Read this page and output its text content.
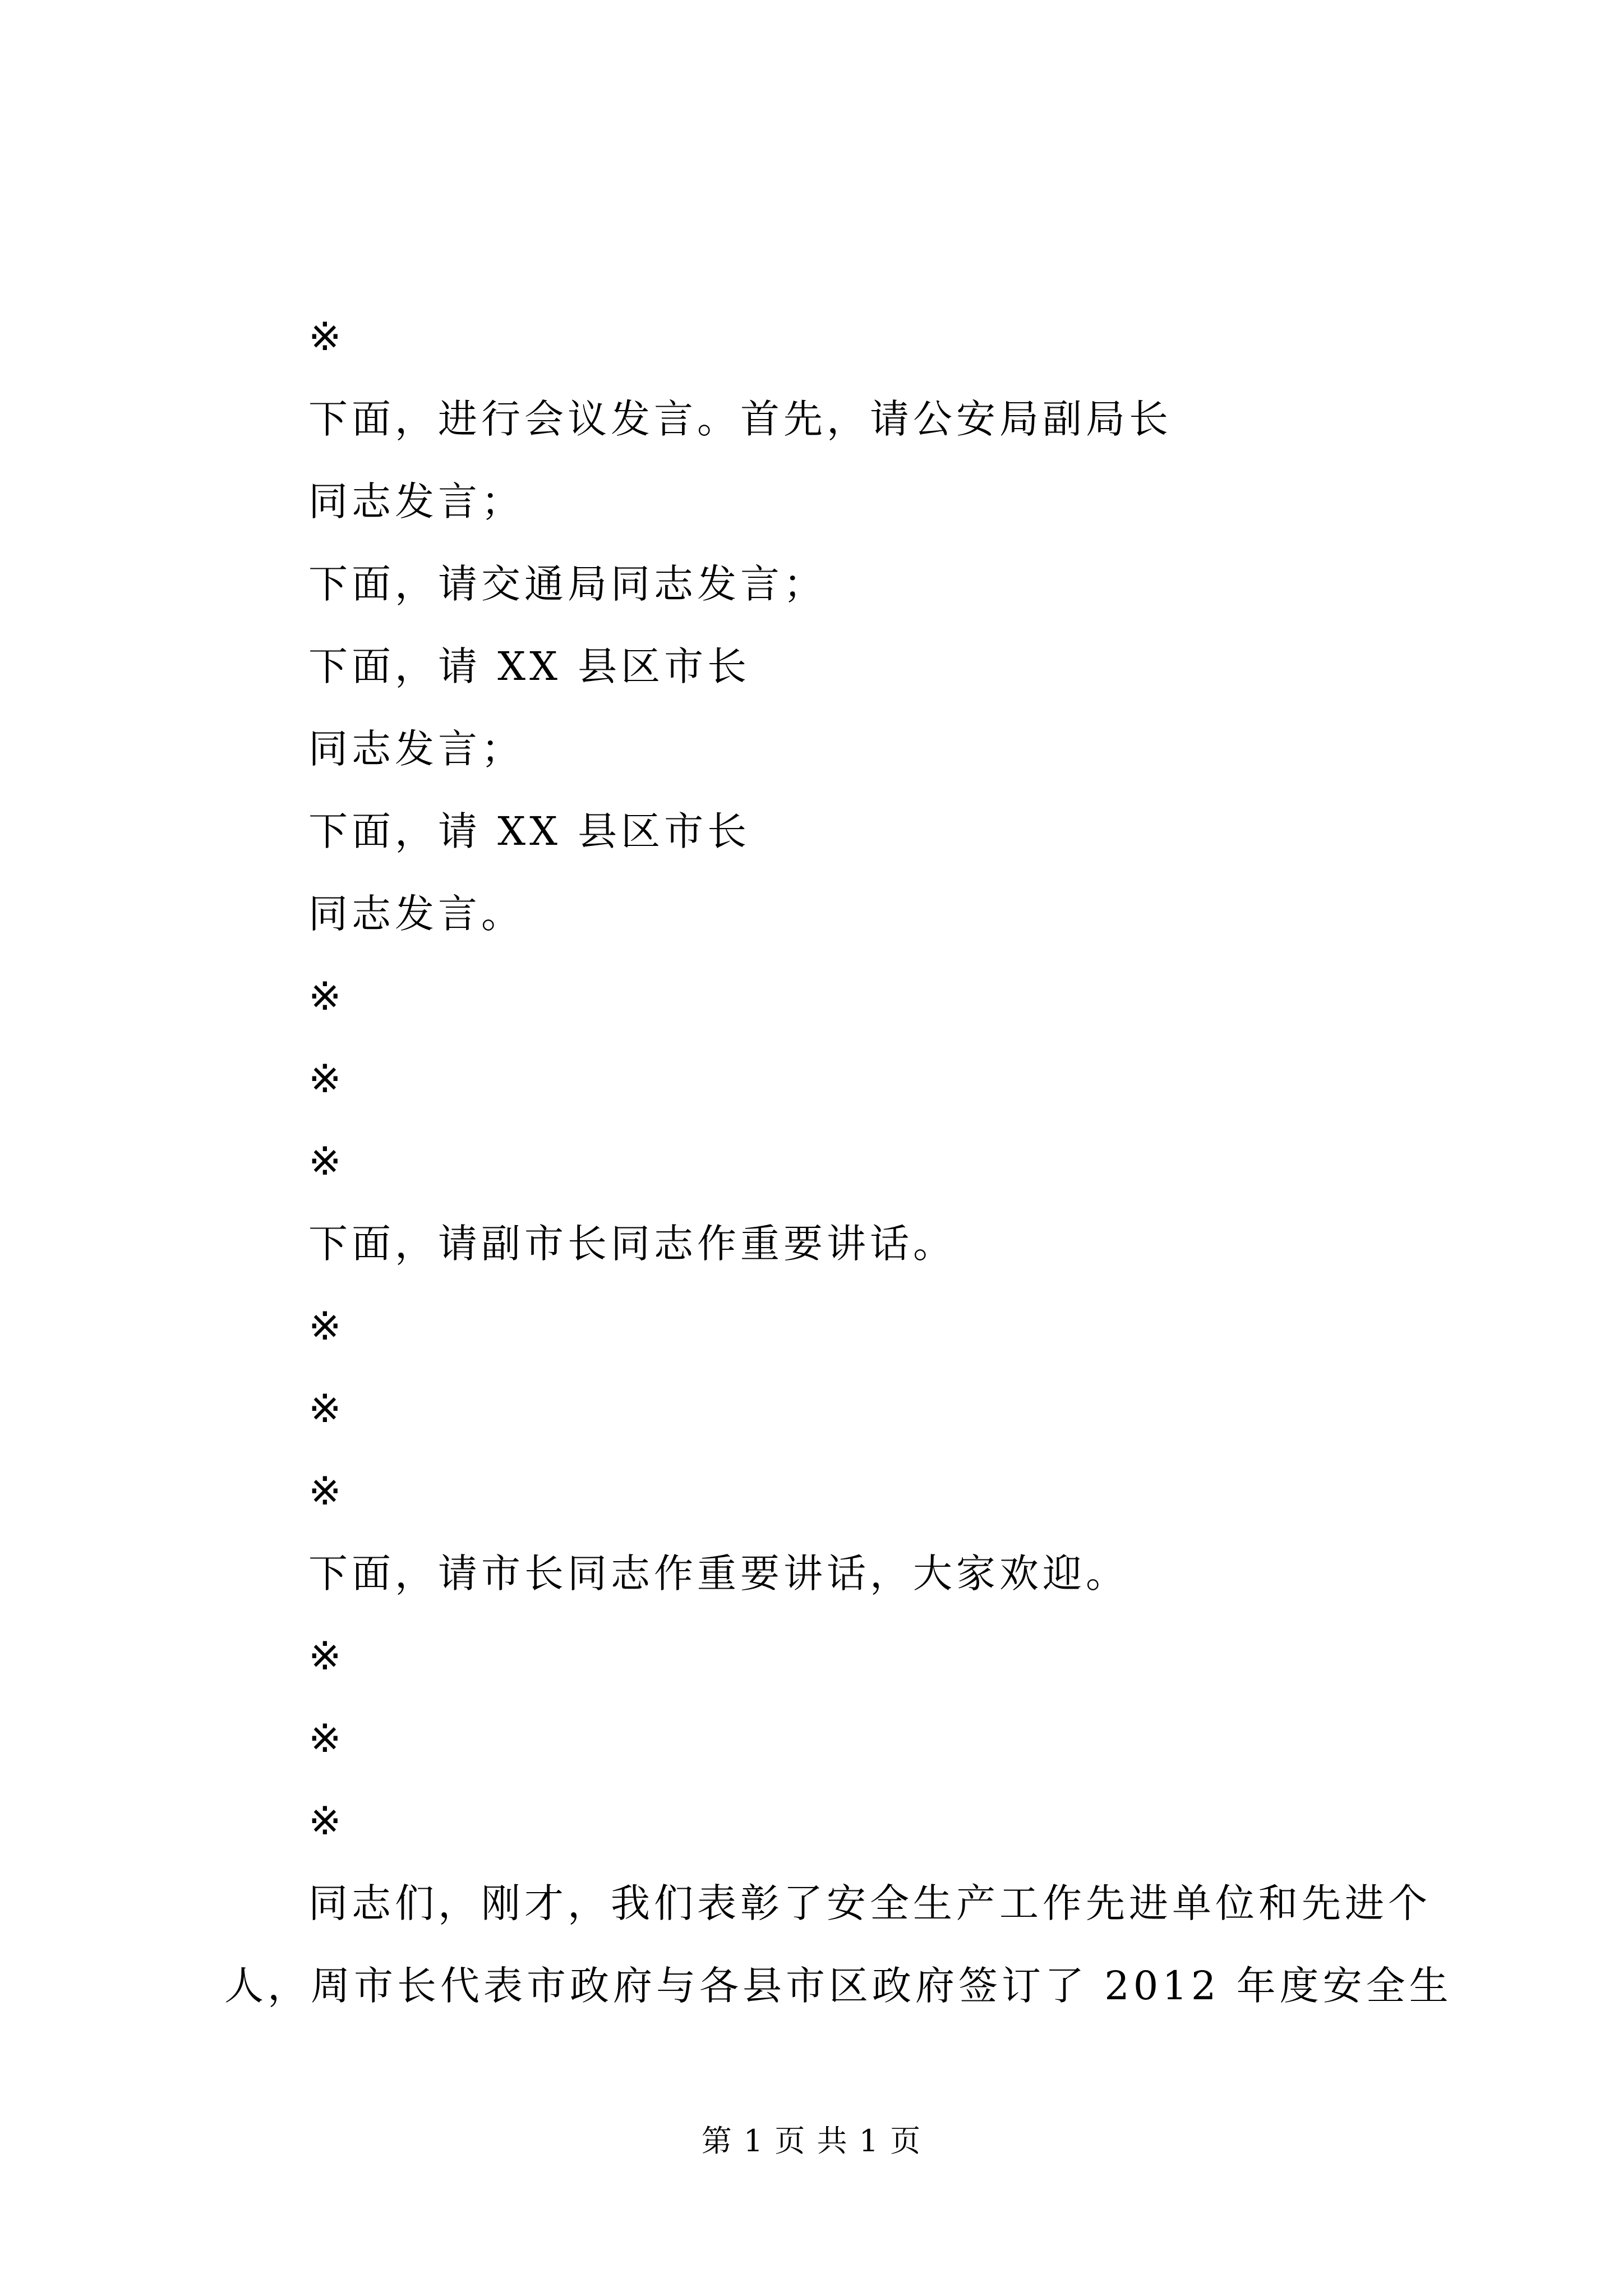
※
下面，进行会议发言。首先，请公安局副局长
同志发言；
下面，请交通局同志发言；
下面，请 XX 县区市长
同志发言；
下面，请 XX 县区市长
同志发言。
※
※
※
下面，请副市长同志作重要讲话。
※
※
※
下面，请市长同志作重要讲话，大家欢迎。
※
※
※
同志们，刚才，我们表彰了安全生产工作先进单位和先进个
人，周市长代表市政府与各县市区政府签订了 2012 年度安全生
第 1 页 共 1 页
